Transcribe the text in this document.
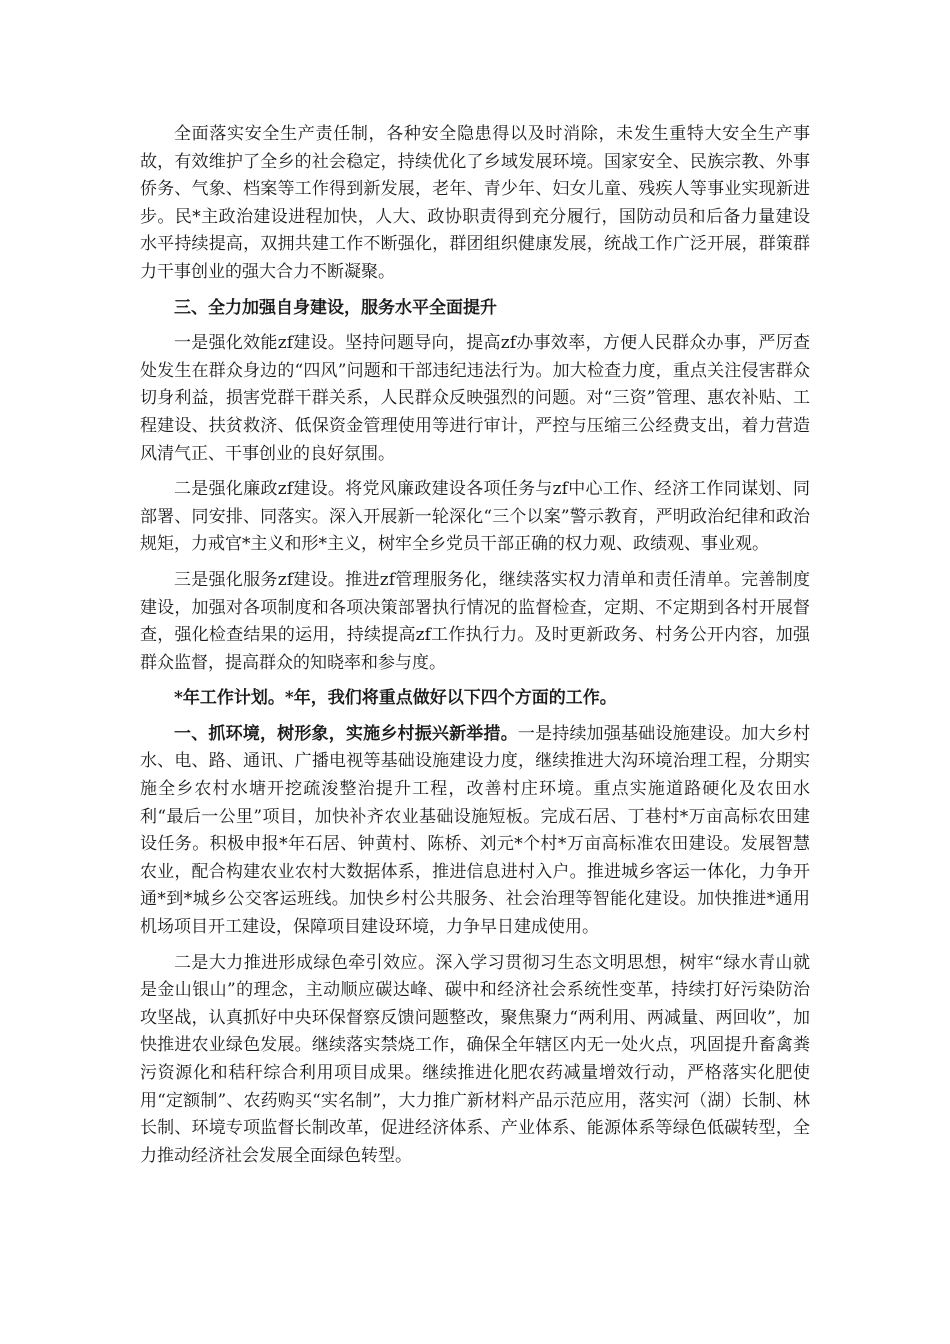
全面落实安全生产责任制，各种安全隐患得以及时消除，未发生重特大安全生产事故，有效维护了全乡的社会稳定，持续优化了乡域发展环境。国家安全、民族宗教、外事侨务、气象、档案等工作得到新发展，老年、青少年、妇女儿童、残疾人等事业实现新进步。民*主政治建设进程加快，人大、政协职责得到充分履行，国防动员和后备力量建设水平持续提高，双拥共建工作不断强化，群团组织健康发展，统战工作广泛开展，群策群力干事创业的强大合力不断凝聚。

三、全力加强自身建设，服务水平全面提升

一是强化效能zf建设。坚持问题导向，提高zf办事效率，方便人民群众办事，严厉查处发生在群众身边的“四风”问题和干部违纪违法行为。加大检查力度，重点关注侵害群众切身利益，损害党群干群关系，人民群众反映强烈的问题。对“三资”管理、惠农补贴、工程建设、扶贫救济、低保资金管理使用等进行审计，严控与压缩三公经费支出，着力营造风清气正、干事创业的良好氛围。

二是强化廉政zf建设。将党风廉政建设各项任务与zf中心工作、经济工作同谋划、同部署、同安排、同落实。深入开展新一轮深化“三个以案”警示教育，严明政治纪律和政治规矩，力戒官*主义和形*主义，树牢全乡党员干部正确的权力观、政绩观、事业观。

三是强化服务zf建设。推进zf管理服务化，继续落实权力清单和责任清单。完善制度建设，加强对各项制度和各项决策部署执行情况的监督检查，定期、不定期到各村开展督查，强化检查结果的运用，持续提高zf工作执行力。及时更新政务、村务公开内容，加强群众监督，提高群众的知晓率和参与度。

*年工作计划。*年，我们将重点做好以下四个方面的工作。

一、抓环境，树形象，实施乡村振兴新举措。一是持续加强基础设施建设。加大乡村水、电、路、通讯、广播电视等基础设施建设力度，继续推进大沟环境治理工程，分期实施全乡农村水塘开挖疏浚整治提升工程，改善村庄环境。重点实施道路硬化及农田水利“最后一公里”项目，加快补齐农业基础设施短板。完成石居、丁巷村*万亩高标农田建设任务。积极申报*年石居、钟黄村、陈桥、刘元*个村*万亩高标准农田建设。发展智慧农业，配合构建农业农村大数据体系，推进信息进村入户。推进城乡客运一体化，力争开通*到*城乡公交客运班线。加快乡村公共服务、社会治理等智能化建设。加快推进*通用机场项目开工建设，保障项目建设环境，力争早日建成使用。

二是大力推进形成绿色牵引效应。深入学习贯彻习生态文明思想，树牢“绿水青山就是金山银山”的理念，主动顺应碳达峰、碳中和经济社会系统性变革，持续打好污染防治攻坚战，认真抓好中央环保督察反馈问题整改，聚焦聚力“两利用、两减量、两回收”，加快推进农业绿色发展。继续落实禁烧工作，确保全年辖区内无一处火点，巩固提升畜禽粪污资源化和秸秆综合利用项目成果。继续推进化肥农药减量增效行动，严格落实化肥使用“定额制”、农药购买“实名制”，大力推广新材料产品示范应用，落实河（湖）长制、林长制、环境专项监督长制改革，促进经济体系、产业体系、能源体系等绿色低碳转型，全力推动经济社会发展全面绿色转型。
